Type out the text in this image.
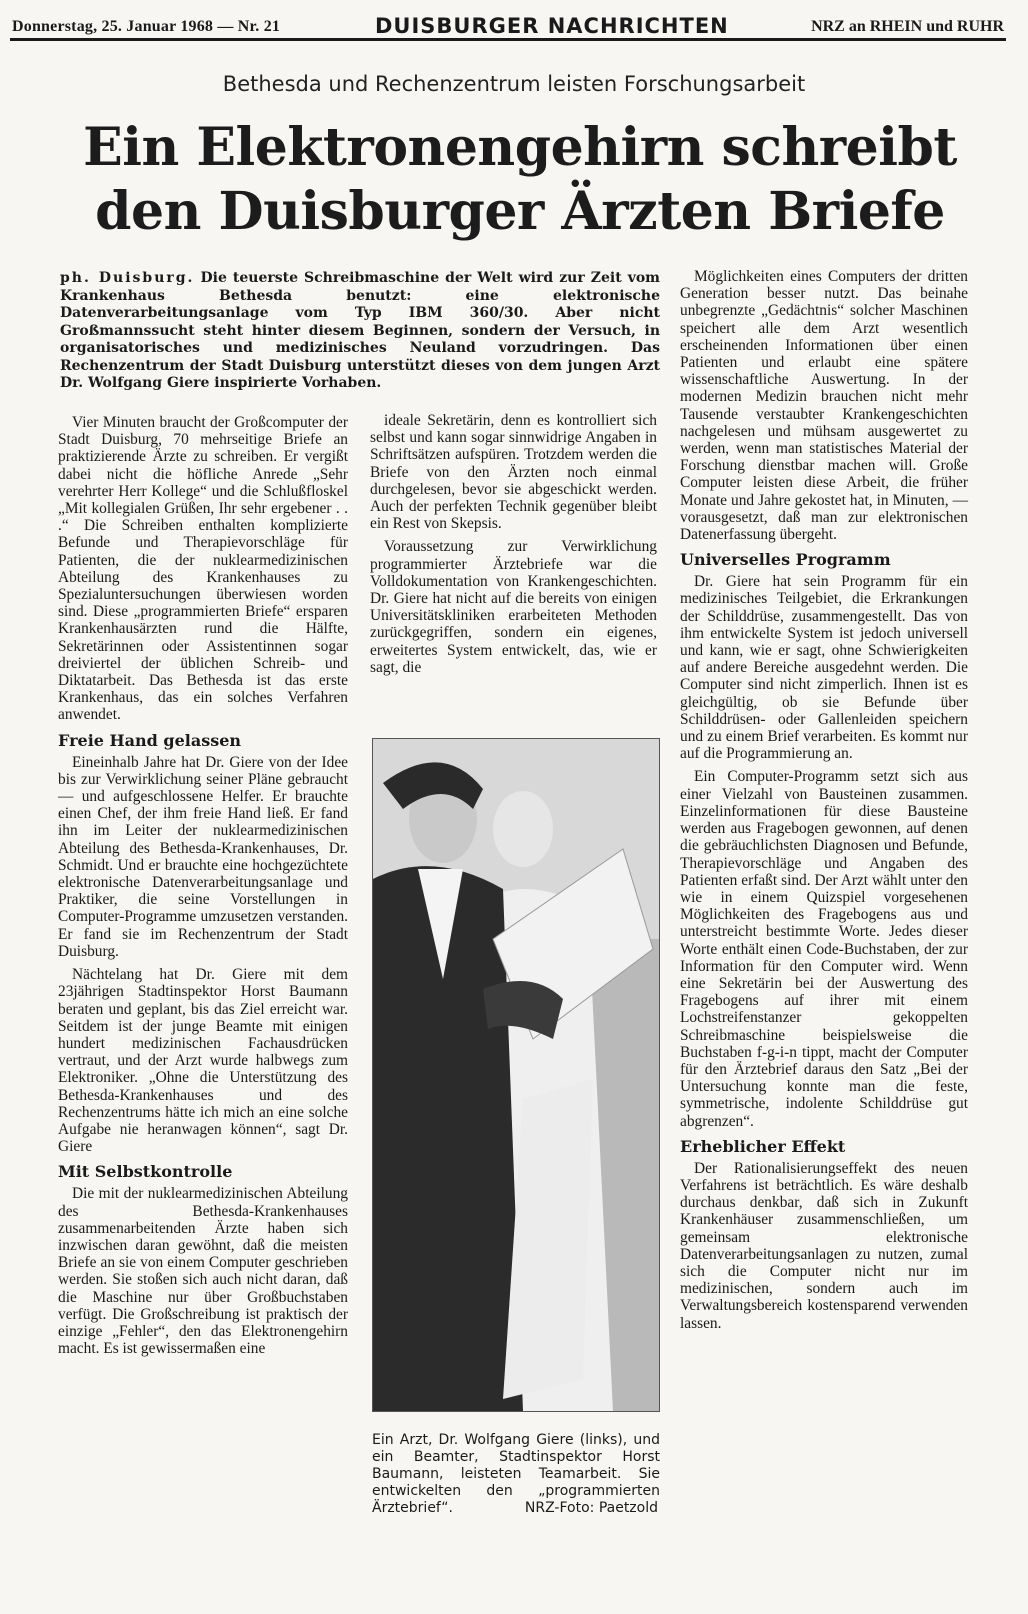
Donnerstag, 25. Januar 1968 — Nr. 21	DUISBURGER NACHRICHTEN	NRZ an RHEIN und RUHR
Bethesda und Rechenzentrum leisten Forschungsarbeit
Ein Elektronengehirn schreibt
den Duisburger Ärzten Briefe
ph. Duisburg. Die teuerste Schreibmaschine der Welt wird zur Zeit vom Krankenhaus Bethesda benutzt: eine elektronische Datenverarbeitungsanlage vom Typ IBM 360/30. Aber nicht Großmannssucht steht hinter diesem Beginnen, sondern der Versuch, in organisatorisches und medizinisches Neuland vorzudringen. Das Rechenzentrum der Stadt Duisburg unterstützt dieses von dem jungen Arzt Dr. Wolfgang Giere inspirierte Vorhaben.

Vier Minuten braucht der Großcomputer der Stadt Duisburg, 70 mehrseitige Briefe an praktizierende Ärzte zu schreiben. Er vergißt dabei nicht die höfliche Anrede „Sehr verehrter Herr Kollege“ und die Schlußfloskel „Mit kollegialen Grüßen, Ihr sehr ergebener . . .“ Die Schreiben enthalten komplizierte Befunde und Therapievorschläge für Patienten, die der nuklearmedizinischen Abteilung des Krankenhauses zu Spezialuntersuchungen überwiesen worden sind. Diese „programmierten Briefe“ ersparen Krankenhausärzten rund die Hälfte, Sekretärinnen oder Assistentinnen sogar dreiviertel der üblichen Schreib- und Diktatarbeit. Das Bethesda ist das erste Krankenhaus, das ein solches Verfahren anwendet.

Freie Hand gelassen

Eineinhalb Jahre hat Dr. Giere von der Idee bis zur Verwirklichung seiner Pläne gebraucht — und aufgeschlossene Helfer. Er brauchte einen Chef, der ihm freie Hand ließ. Er fand ihn im Leiter der nuklearmedizinischen Abteilung des Bethesda-Krankenhauses, Dr. Schmidt. Und er brauchte eine hochgezüchtete elektronische Datenverarbeitungsanlage und Praktiker, die seine Vorstellungen in Computer-Programme umzusetzen verstanden. Er fand sie im Rechenzentrum der Stadt Duisburg.

Nächtelang hat Dr. Giere mit dem 23jährigen Stadtinspektor Horst Baumann beraten und geplant, bis das Ziel erreicht war. Seitdem ist der junge Beamte mit einigen hundert medizinischen Fachausdrücken vertraut, und der Arzt wurde halbwegs zum Elektroniker. „Ohne die Unterstützung des Bethesda-Krankenhauses und des Rechenzentrums hätte ich mich an eine solche Aufgabe nie heranwagen können“, sagt Dr. Giere

Mit Selbstkontrolle

Die mit der nuklearmedizinischen Abteilung des Bethesda-Krankenhauses zusammenarbeitenden Ärzte haben sich inzwischen daran gewöhnt, daß die meisten Briefe an sie von einem Computer geschrieben werden. Sie stoßen sich auch nicht daran, daß die Maschine nur über Großbuchstaben verfügt. Die Großschreibung ist praktisch der einzige „Fehler“, den das Elektronengehirn macht. Es ist gewissermaßen eine

ideale Sekretärin, denn es kontrolliert sich selbst und kann sogar sinnwidrige Angaben in Schriftsätzen aufspüren. Trotzdem werden die Briefe von den Ärzten noch einmal durchgelesen, bevor sie abgeschickt werden. Auch der perfekten Technik gegenüber bleibt ein Rest von Skepsis.

Voraussetzung zur Verwirklichung programmierter Ärztebriefe war die Volldokumentation von Krankengeschichten. Dr. Giere hat nicht auf die bereits von einigen Universitätskliniken erarbeiteten Methoden zurückgegriffen, sondern ein eigenes, erweitertes System entwickelt, das, wie er sagt, die

Ein Arzt, Dr. Wolfgang Giere (links), und ein Beamter, Stadtinspektor Horst Baumann, leisteten Teamarbeit. Sie entwickelten den „programmierten Ärztebrief“.	NRZ-Foto: Paetzold

Möglichkeiten eines Computers der dritten Generation besser nutzt. Das beinahe unbegrenzte „Gedächtnis“ solcher Maschinen speichert alle dem Arzt wesentlich erscheinenden Informationen über einen Patienten und erlaubt eine spätere wissenschaftliche Auswertung. In der modernen Medizin brauchen nicht mehr Tausende verstaubter Krankengeschichten nachgelesen und mühsam ausgewertet zu werden, wenn man statistisches Material der Forschung dienstbar machen will. Große Computer leisten diese Arbeit, die früher Monate und Jahre gekostet hat, in Minuten, — vorausgesetzt, daß man zur elektronischen Datenerfassung übergeht.

Universelles Programm

Dr. Giere hat sein Programm für ein medizinisches Teilgebiet, die Erkrankungen der Schilddrüse, zusammengestellt. Das von ihm entwickelte System ist jedoch universell und kann, wie er sagt, ohne Schwierigkeiten auf andere Bereiche ausgedehnt werden. Die Computer sind nicht zimperlich. Ihnen ist es gleichgültig, ob sie Befunde über Schilddrüsen- oder Gallenleiden speichern und zu einem Brief verarbeiten. Es kommt nur auf die Programmierung an.

Ein Computer-Programm setzt sich aus einer Vielzahl von Bausteinen zusammen. Einzelinformationen für diese Bausteine werden aus Fragebogen gewonnen, auf denen die gebräuchlichsten Diagnosen und Befunde, Therapievorschläge und Angaben des Patienten erfaßt sind. Der Arzt wählt unter den wie in einem Quizspiel vorgesehenen Möglichkeiten des Fragebogens aus und unterstreicht bestimmte Worte. Jedes dieser Worte enthält einen Code-Buchstaben, der zur Information für den Computer wird. Wenn eine Sekretärin bei der Auswertung des Fragebogens auf ihrer mit einem Lochstreifenstanzer gekoppelten Schreibmaschine beispielsweise die Buchstaben f-g-i-n tippt, macht der Computer für den Ärztebrief daraus den Satz „Bei der Untersuchung konnte man die feste, symmetrische, indolente Schilddrüse gut abgrenzen“.

Erheblicher Effekt

Der Rationalisierungseffekt des neuen Verfahrens ist beträchtlich. Es wäre deshalb durchaus denkbar, daß sich in Zukunft Krankenhäuser zusammenschließen, um gemeinsam elektronische Datenverarbeitungsanlagen zu nutzen, zumal sich die Computer nicht nur im medizinischen, sondern auch im Verwaltungsbereich kostensparend verwenden lassen.
